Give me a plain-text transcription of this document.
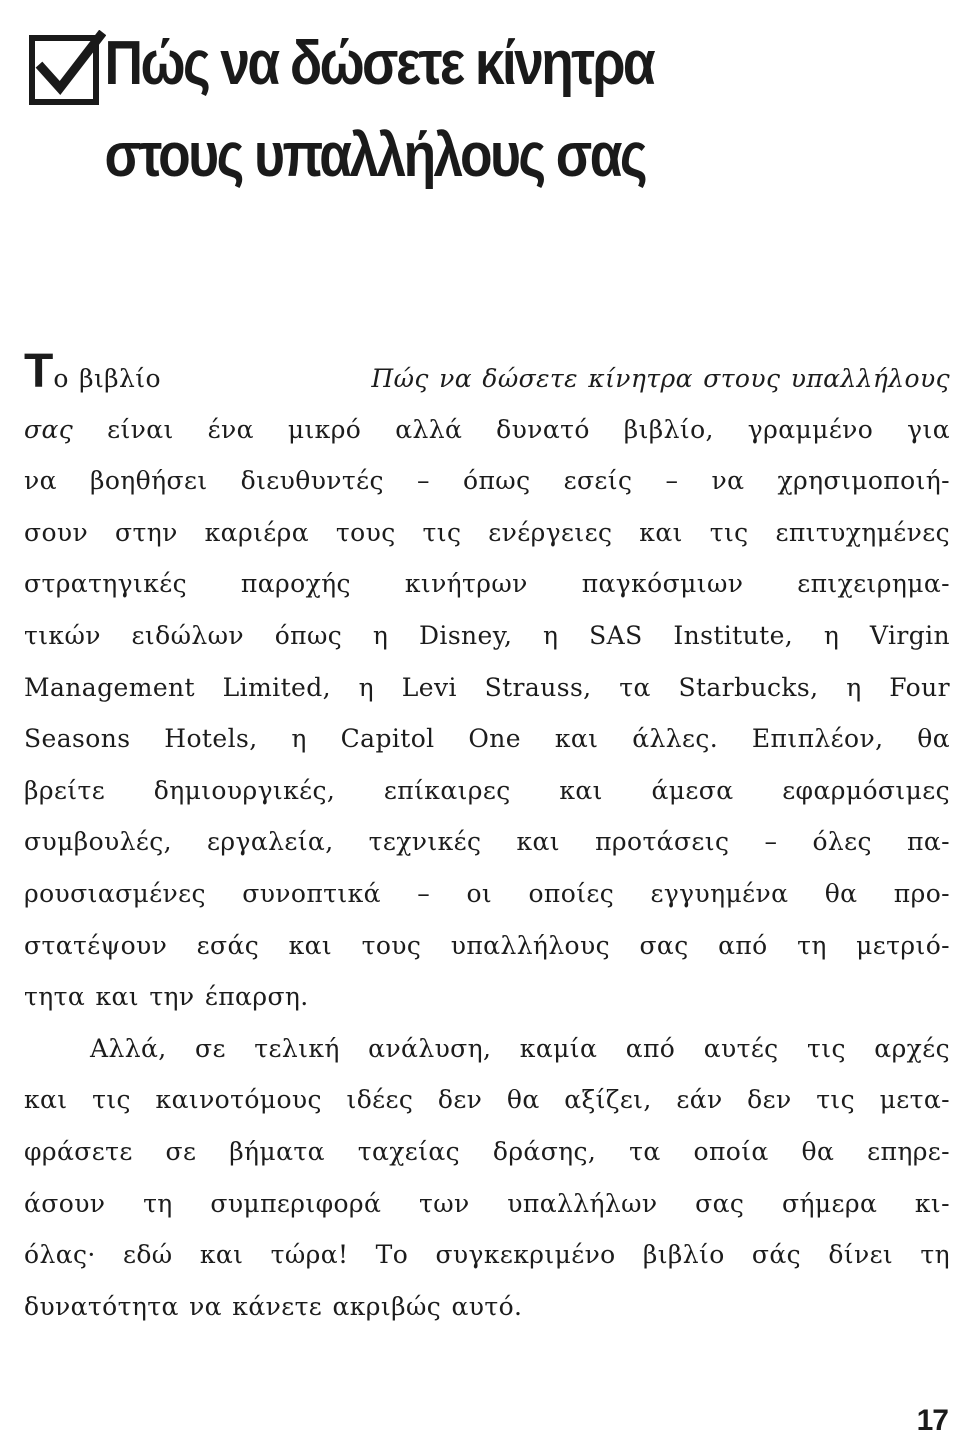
Πώς να δώσετε κίνητρα
στους υπαλλήλους σας
Το βιβλίο	Πώς να δώσετε κίνητρα στους υπαλλήλους
σας είναι ένα μικρό αλλά δυνατό βιβλίο, γραμμένο για
να βοηθήσει διευθυντές – όπως εσείς – να χρησιμοποιή-
σουν στην καριέρα τους τις ενέργειες και τις επιτυχημένες
στρατηγικές παροχής κινήτρων παγκόσμιων επιχειρημα-
τικών ειδώλων όπως η Disney, η SAS Institute, η Virgin
Management Limited, η Levi Strauss, τα Starbucks, η Four
Seasons Hotels, η Capitol One και άλλες. Επιπλέον, θα
βρείτε δημιουργικές, επίκαιρες και άμεσα εφαρμόσιμες
συμβουλές, εργαλεία, τεχνικές και προτάσεις – όλες πα-
ρουσιασμένες συνοπτικά – οι οποίες εγγυημένα θα προ-
στατέψουν εσάς και τους υπαλλήλους σας από τη μετριό-
τητα και την έπαρση.
Αλλά, σε τελική ανάλυση, καμία από αυτές τις αρχές
και τις καινοτόμους ιδέες δεν θα αξίζει, εάν δεν τις μετα-
φράσετε σε βήματα ταχείας δράσης, τα οποία θα επηρε-
άσουν τη συμπεριφορά των υπαλλήλων σας σήμερα κι-
όλας· εδώ και τώρα! Το συγκεκριμένο βιβλίο σάς δίνει τη
δυνατότητα να κάνετε ακριβώς αυτό.
17
